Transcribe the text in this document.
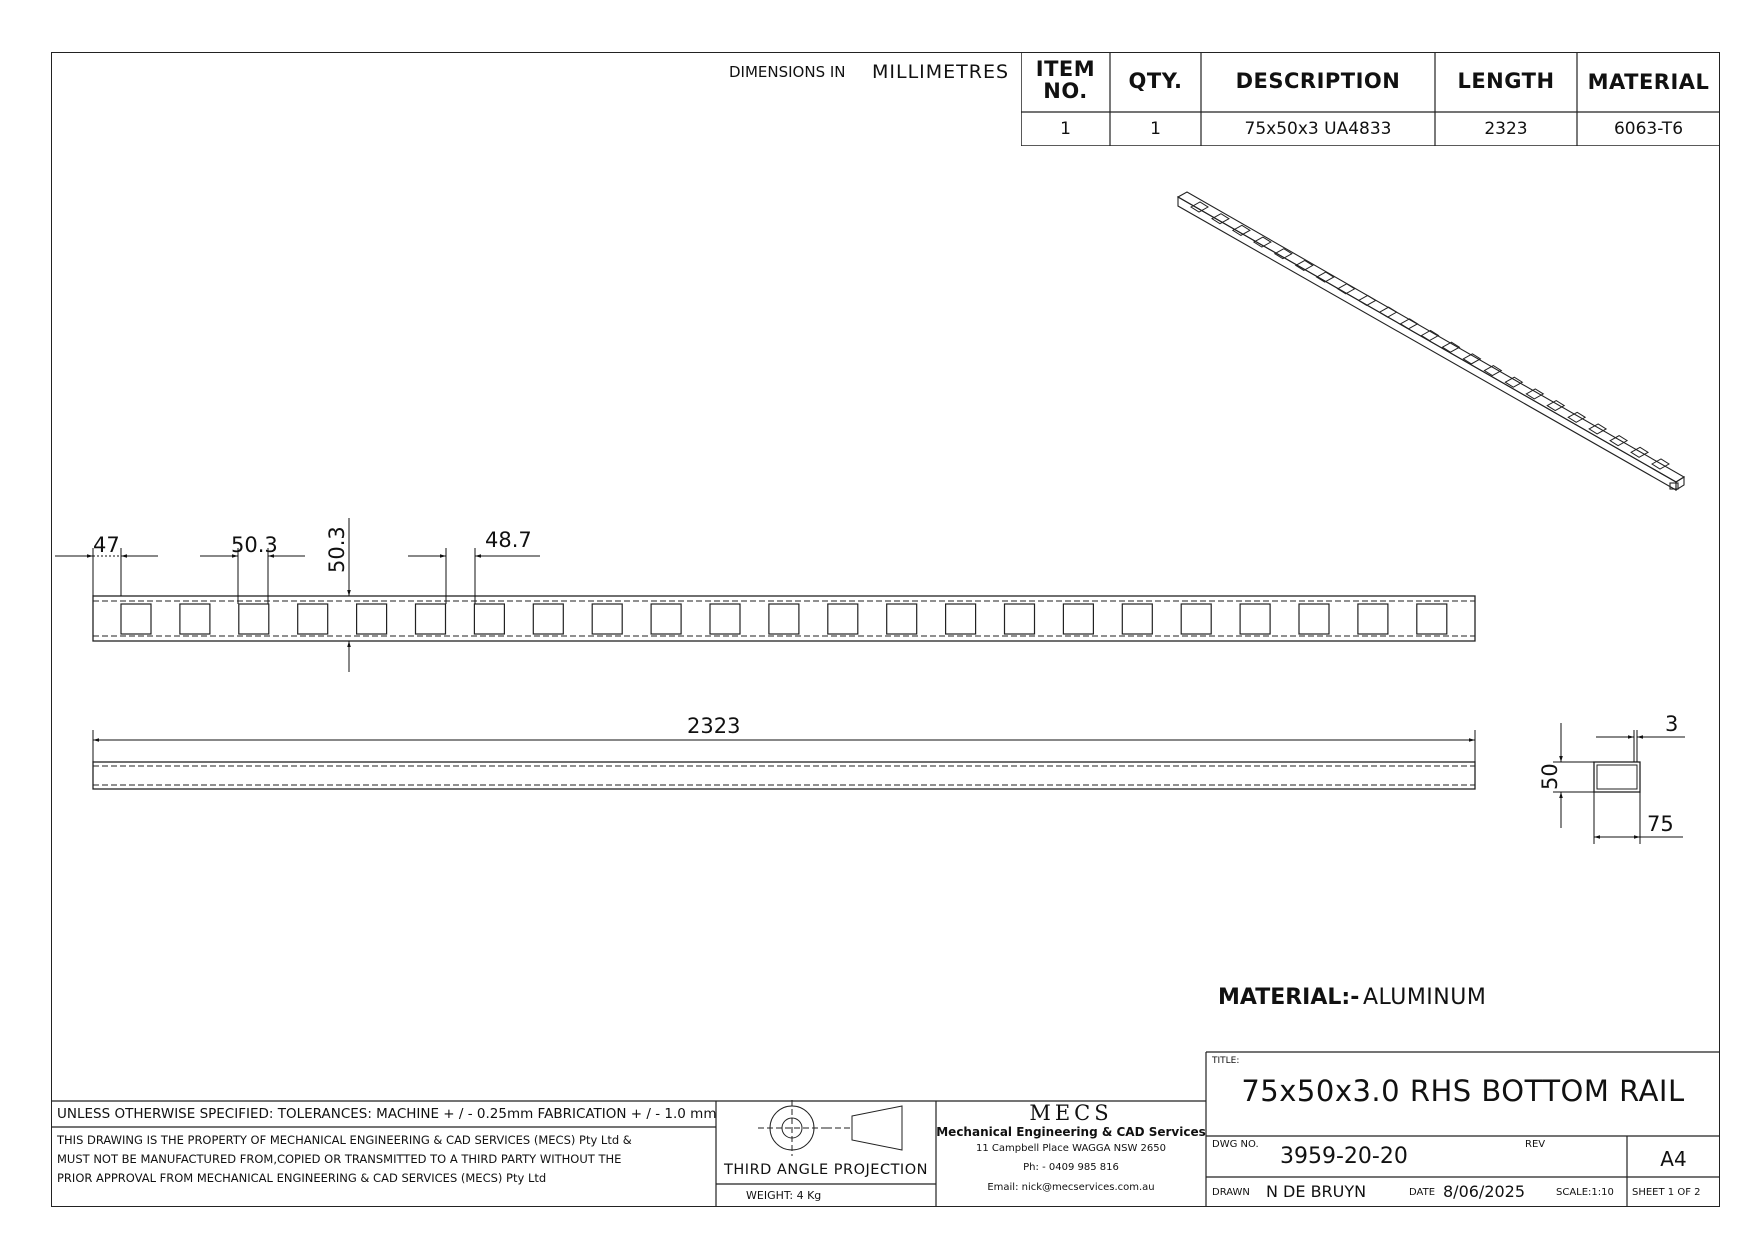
DIMENSIONS IN MILLIMETRES	ITEM NO.	QTY.	DESCRIPTION	LENGTH	MATERIAL
1	1	75x50x3 UA4833	2323	6063-T6
47	50.3 50.3	48.7
2323
50
3
75
MATERIAL:- ALUMINUM
UNLESS OTHERWISE SPECIFIED: TOLERANCES: MACHINE + / - 0.25mm FABRICATION + / - 1.0 mm
THIS DRAWING IS THE PROPERTY OF MECHANICAL ENGINEERING & CAD SERVICES (MECS) Pty Ltd &
MUST NOT BE MANUFACTURED FROM,COPIED OR TRANSMITTED TO A THIRD PARTY WITHOUT THE
PRIOR APPROVAL FROM MECHANICAL ENGINEERING & CAD SERVICES (MECS) Pty Ltd	THIRD ANGLE PROJECTION
WEIGHT: 4 Kg
MECS
Mechanical Engineering & CAD Services
11 Campbell Place WAGGA NSW 2650
Ph: - 0409 985 816
Email: nick@mecservices.com.au
TITLE:
75x50x3.0 RHS BOTTOM RAIL
DWG NO. 3959-20-20	REV
A4
DRAWN N DE BRUYN	DATE 8/06/2025	SCALE:1:10 SHEET 1 OF 2
